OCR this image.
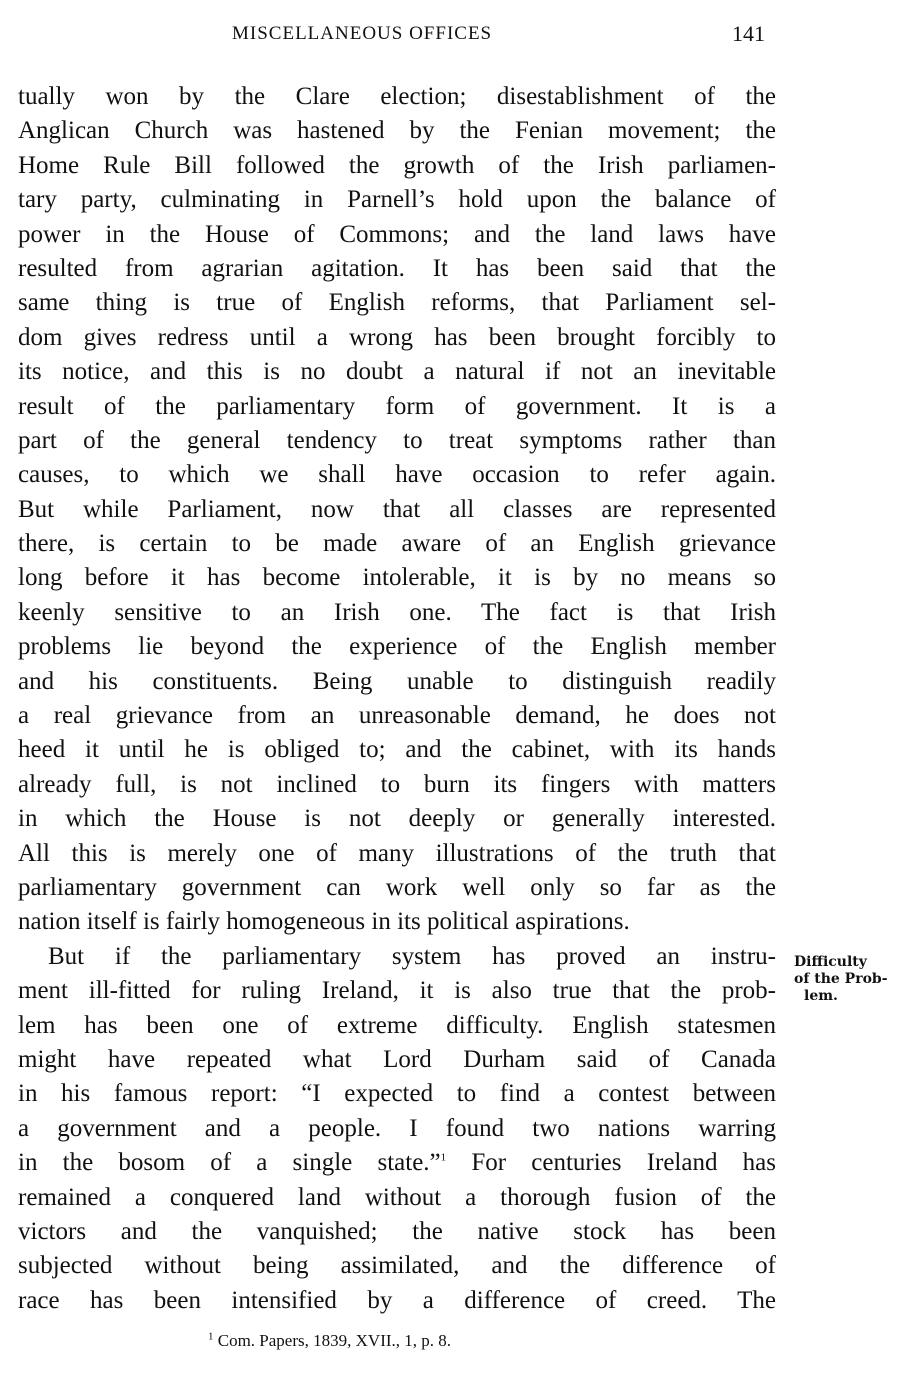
MISCELLANEOUS OFFICES	141
tually won by the Clare election; disestablishment of the
Anglican Church was hastened by the Fenian movement; the
Home Rule Bill followed the growth of the Irish parliamen-
tary party, culminating in Parnell’s hold upon the balance of
power in the House of Commons; and the land laws have
resulted from agrarian agitation. It has been said that the
same thing is true of English reforms, that Parliament sel-
dom gives redress until a wrong has been brought forcibly to
its notice, and this is no doubt a natural if not an inevitable
result of the parliamentary form of government. It is a
part of the general tendency to treat symptoms rather than
causes, to which we shall have occasion to refer again.
But while Parliament, now that all classes are represented
there, is certain to be made aware of an English grievance
long before it has become intolerable, it is by no means so
keenly sensitive to an Irish one. The fact is that Irish
problems lie beyond the experience of the English member
and his constituents. Being unable to distinguish readily
a real grievance from an unreasonable demand, he does not
heed it until he is obliged to; and the cabinet, with its hands
already full, is not inclined to burn its fingers with matters
in which the House is not deeply or generally interested.
All this is merely one of many illustrations of the truth that
parliamentary government can work well only so far as the
nation itself is fairly homogeneous in its political aspirations.
But if the parliamentary system has proved an instru-
ment ill-fitted for ruling Ireland, it is also true that the prob-
lem has been one of extreme difficulty. English statesmen
might have repeated what Lord Durham said of Canada
in his famous report: “I expected to find a contest between
a government and a people. I found two nations warring
in the bosom of a single state.”$^1$ For centuries Ireland has
remained a conquered land without a thorough fusion of the
victors and the vanquished; the native stock has been
subjected without being assimilated, and the difference of
race has been intensified by a difference of creed. The
Difficulty
of the Prob-
lem.
$^1$ Com. Papers, 1839, XVII., 1, p. 8.
